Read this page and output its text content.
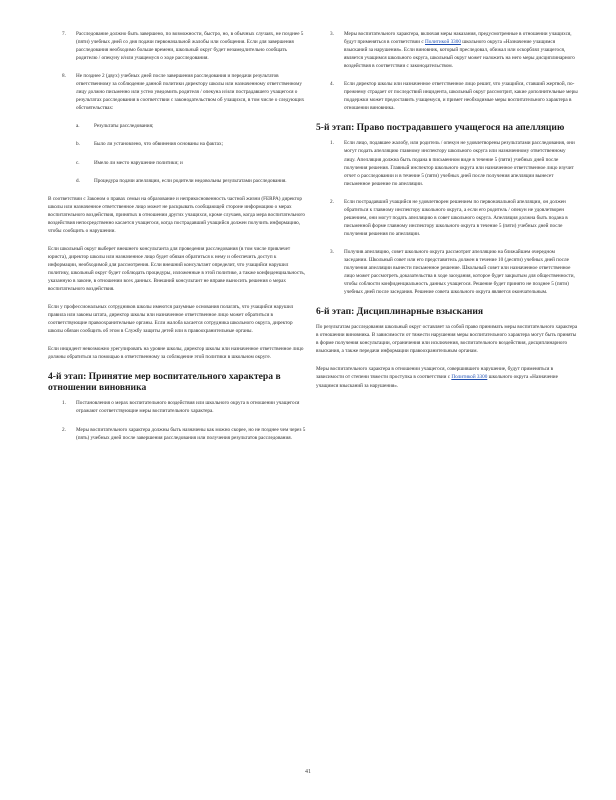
7. Расследование должно быть завершено, по возможности, быстро, но, в обычных случаях, не позднее 5 (пяти) учебных дней со дня подачи первоначальной жалобы или сообщения. Если для завершения расследования необходимо больше времени, школьный округ будет незамедлительно сообщать родителю / опекуну и/или учащемуся о ходе расследования.
8. Не позднее 2 (двух) учебных дней после завершения расследования и передачи результатов ответственному за соблюдение данной политики директору школы или назначенному ответственному лицу должно письменно или устно уведомить родителя / опекуна и/или пострадавшего учащегося о результатах расследования в соответствии с законодательством об учащихся, в том числе о следующих обстоятельствах:
a.	Результаты расследования;
b.	Было ли установлено, что обвинения основаны на фактах;
c.	Имело ли место нарушение политики; и
d.	Процедура подачи апелляции, если родители недовольны результатами расследования.

В соответствии с Законом о правах семьи на образование и неприкосновенность частной жизни (FERPA) директор школы или назначенное ответственное лицо может не раскрывать сообщающей стороне информацию о мерах воспитательного воздействия, принятых в отношении других учащихся, кроме случаев, когда мера воспитательного воздействия непосредственно касается учащегося, когда пострадавший учащийся должен получить информацию, чтобы сообщить о нарушении.

Если школьный округ выберет внешнего консультанта для проведения расследования (в том числе привлечет юриста), директор школы или назначенное лицо будет обязан обратиться к нему и обеспечить доступ к информации, необходимой для рассмотрения. Если внешний консультант определит, что учащийся нарушил политику, школьный округ будет соблюдать процедуры, изложенные в этой политике, а также конфиденциальность, указанную в законе, в отношении всех данных. Внешний консультант не вправе выносить решения о мерах воспитательного воздействия.

Если у профессиональных сотрудников школы имеются разумные основания полагать, что учащийся нарушил правила или законы штата, директор школы или назначенное ответственное лицо может обратиться в соответствующие правоохранительные органы. Если жалоба касается сотрудника школьного округа, директор школы обязан сообщить об этом в Службу защиты детей или в правоохранительные органы.

Если инцидент невозможно урегулировать на уровне школы, директор школы или назначенное ответственное лицо должны обратиться за помощью в ответственному за соблюдение этой политики в школьном округе.

4-й этап: Принятие мер воспитательного характера в отношении виновника
1. Постановления о мерах воспитательного воздействия или школьного округа в отношении учащегося отражают соответствующие меры воспитательного характера.
2. Меры воспитательного характера должны быть назначены как можно скорее, но не позднее чем через 5 (пять) учебных дней после завершения расследования или получения результатов расследования.
3. Меры воспитательного характера, включая меры наказания, предусмотренные в отношении учащихся, будут применяться в соответствии с Политикой 3300 школьного округа «Назначение учащимся взысканий за нарушения». Если виновник, который преследовал, обижал или оскорблял учащегося, является учащимся школьного округа, школьный округ может наложить на него меры дисциплинарного воздействия в соответствии с законодательством.
4. Если директор школы или назначенное ответственное лицо решит, что учащийся, ставший жертвой, по-прежнему страдает от последствий инцидента, школьный округ рассмотрит, какие дополнительные меры поддержки может предоставить учащемуся, и примет необходимые меры воспитательного характера в отношении виновника.
5-й этап: Право пострадавшего учащегося на апелляцию
1. Если лицо, подавшее жалобу, или родитель / опекун не удовлетворены результатами расследования, они могут подать апелляцию главному инспектору школьного округа или назначенному ответственному лицу. Апелляция должна быть подана в письменном виде в течение 5 (пяти) учебных дней после получения решения. Главный инспектор школьного округа или назначенное ответственное лицо изучит отчет о расследовании и в течение 5 (пяти) учебных дней после получения апелляции вынесет письменное решение по апелляции.
2. Если пострадавший учащийся не удовлетворен решением по первоначальной апелляции, он должен обратиться к главному инспектору школьного округа, а если его родитель / опекун не удовлетворен решением, они могут подать апелляцию в совет школьного округа. Апелляция должна быть подана в письменной форме главному инспектору школьного округа в течение 5 (пяти) учебных дней после получения решения по апелляции.
3. Получив апелляцию, совет школьного округа рассмотрит апелляцию на ближайшем очередном заседании. Школьный совет или его представитель должен в течение 10 (десяти) учебных дней после получения апелляции вынести письменное решение. Школьный совет или назначенное ответственное лицо может рассмотреть доказательства в ходе заседания, которое будет закрытым для общественности, чтобы соблюсти конфиденциальность данных учащегося. Решение будет принято не позднее 5 (пяти) учебных дней после заседания. Решение совета школьного округа является окончательным.
6-й этап: Дисциплинарные взыскания

По результатам расследования школьный округ оставляет за собой право принимать меры воспитательного характера в отношении виновника. В зависимости от тяжести нарушения меры воспитательного характера могут быть приняты в форме получения консультации, ограничения или исключения, воспитательного воздействия, дисциплинарного взыскания, а также передачи информации правоохранительным органам.

Меры воспитательного характера в отношении учащегося, совершившего нарушение, будут применяться в зависимости от степени тяжести проступка в соответствии с Политикой 3300 школьного округа «Назначение учащимся взысканий за нарушения».

41
